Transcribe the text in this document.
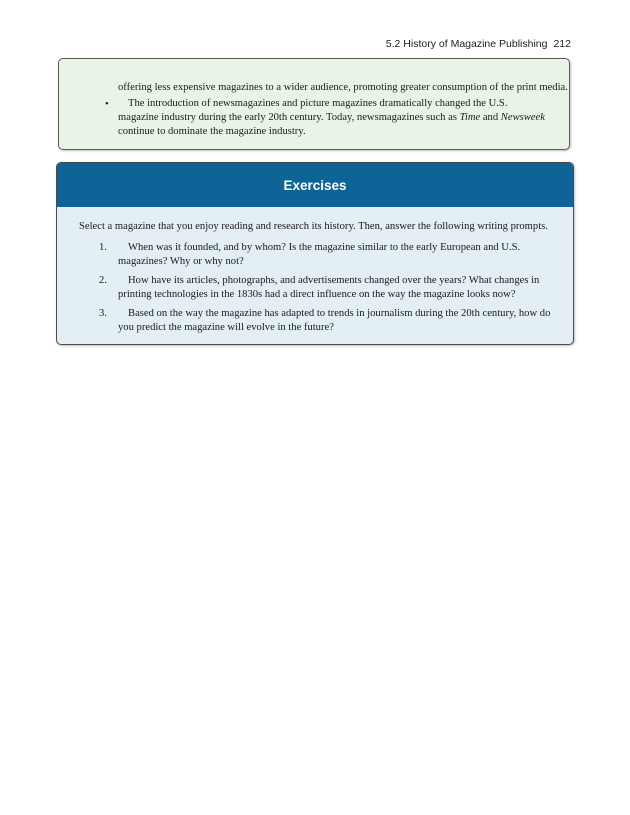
5.2 History of Magazine Publishing 212
offering less expensive magazines to a wider audience, promoting greater consumption of the print media.
•	The introduction of newsmagazines and picture magazines dramatically changed the U.S. magazine industry during the early 20th century. Today, newsmagazines such as Time and Newsweek continue to dominate the magazine industry.
Exercises
Select a magazine that you enjoy reading and research its history. Then, answer the following writing prompts.
1.	When was it founded, and by whom? Is the magazine similar to the early European and U.S. magazines? Why or why not?
2.	How have its articles, photographs, and advertisements changed over the years? What changes in printing technologies in the 1830s had a direct influence on the way the magazine looks now?
3.	Based on the way the magazine has adapted to trends in journalism during the 20th century, how do you predict the magazine will evolve in the future?
